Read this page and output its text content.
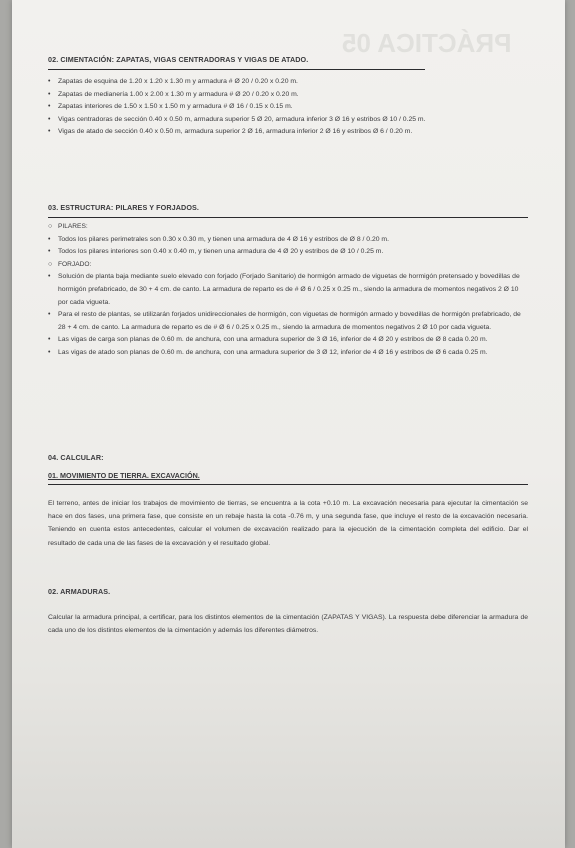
PRÁCTICA 05
02. CIMENTACIÓN: ZAPATAS, VIGAS CENTRADORAS Y VIGAS DE ATADO.
• Zapatas de esquina de 1.20 x 1.20 x 1.30 m y armadura # Ø 20 / 0.20 x 0.20 m.
• Zapatas de medianería 1.00 x 2.00 x 1.30 m y armadura # Ø 20 / 0.20 x 0.20 m.
• Zapatas interiores de 1.50 x 1.50 x 1.50 m y armadura # Ø 16 / 0.15 x 0.15 m.
• Vigas centradoras de sección 0.40 x 0.50 m, armadura superior 5 Ø 20, armadura inferior 3 Ø 16 y estribos Ø 10 / 0.25 m.
• Vigas de atado de sección 0.40 x 0.50 m, armadura superior 2 Ø 16, armadura inferior 2 Ø 16 y estribos Ø 6 / 0.20 m.
03. ESTRUCTURA: PILARES Y FORJADOS.
○ PILARES:
• Todos los pilares perimetrales son 0.30 x 0.30 m, y tienen una armadura de 4 Ø 16 y estribos de Ø 8 / 0.20 m.
• Todos los pilares interiores son 0.40 x 0.40 m, y tienen una armadura de 4 Ø 20 y estribos de Ø 10 / 0.25 m.
○ FORJADO:
• Solución de planta baja mediante suelo elevado con forjado (Forjado Sanitario) de hormigón armado de viguetas de hormigón pretensado y bovedillas de hormigón prefabricado, de 30 + 4 cm. de canto. La armadura de reparto es de # Ø 6 / 0.25 x 0.25 m., siendo la armadura de momentos negativos 2 Ø 10 por cada vigueta.
• Para el resto de plantas, se utilizarán forjados unidireccionales de hormigón, con viguetas de hormigón armado y bovedillas de hormigón prefabricado, de 28 + 4 cm. de canto. La armadura de reparto es de # Ø 6 / 0.25 x 0.25 m., siendo la armadura de momentos negativos 2 Ø 10 por cada vigueta.
• Las vigas de carga son planas de 0.60 m. de anchura, con una armadura superior de 3 Ø 16, inferior de 4 Ø 20 y estribos de Ø 8 cada 0.20 m.
• Las vigas de atado son planas de 0.60 m. de anchura, con una armadura superior de 3 Ø 12, inferior de 4 Ø 16 y estribos de Ø 6 cada 0.25 m.
04. CALCULAR:
01. MOVIMIENTO DE TIERRA. EXCAVACIÓN.

El terreno, antes de iniciar los trabajos de movimiento de tierras, se encuentra a la cota +0.10 m. La excavación necesaria para ejecutar la cimentación se hace en dos fases, una primera fase, que consiste en un rebaje hasta la cota -0.76 m, y una segunda fase, que incluye el resto de la excavación necesaria. Teniendo en cuenta estos antecedentes, calcular el volumen de excavación realizado para la ejecución de la cimentación completa del edificio. Dar el resultado de cada una de las fases de la excavación y el resultado global.

02. ARMADURAS.

Calcular la armadura principal, a certificar, para los distintos elementos de la cimentación (ZAPATAS Y VIGAS). La respuesta debe diferenciar la armadura de cada uno de los distintos elementos de la cimentación y además los diferentes diámetros.
